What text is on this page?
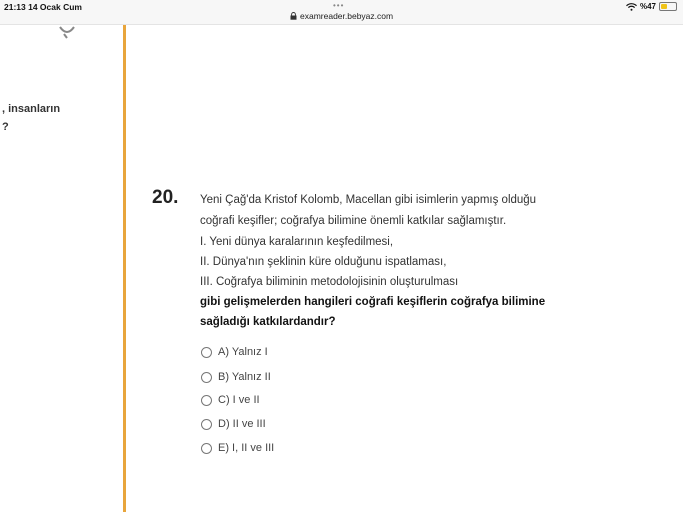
21:13 14 Ocak Cum	•••
examreader.bebyaz.com
%47
, insanların
?
20. Yeni Çağ'da Kristof Kolomb, Macellan gibi isimlerin yapmış olduğu
coğrafi keşifler; coğrafya bilimine önemli katkılar sağlamıştır.
I. Yeni dünya karalarının keşfedilmesi,
II. Dünya'nın şeklinin küre olduğunu ispatlaması,
III. Coğrafya biliminin metodolojisinin oluşturulması
gibi gelişmelerden hangileri coğrafi keşiflerin coğrafya bilimine
sağladığı katkılardandır?
A) Yalnız I
B) Yalnız II
C) I ve II
D) II ve III
E) I, II ve III
